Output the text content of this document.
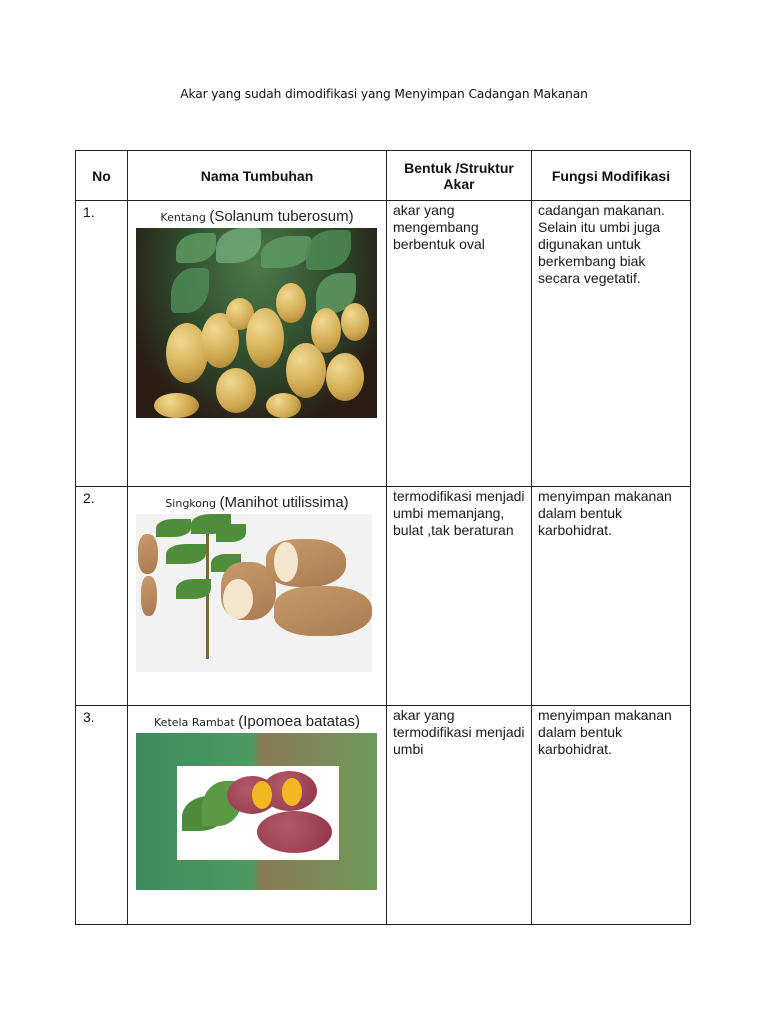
Akar yang sudah dimodifikasi yang Menyimpan Cadangan Makanan
No	Nama Tumbuhan	Bentuk /Struktur Akar	Fungsi Modifikasi
1.	Kentang (Solanum tuberosum)	akar yang mengembang berbentuk oval	cadangan makanan. Selain itu umbi juga digunakan untuk berkembang biak secara vegetatif.
2.	Singkong (Manihot utilissima)	termodifikasi menjadi umbi memanjang, bulat ,tak beraturan	menyimpan makanan dalam bentuk karbohidrat.
3.	Ketela Rambat (Ipomoea batatas)	akar yang termodifikasi menjadi umbi	menyimpan makanan dalam bentuk karbohidrat.
